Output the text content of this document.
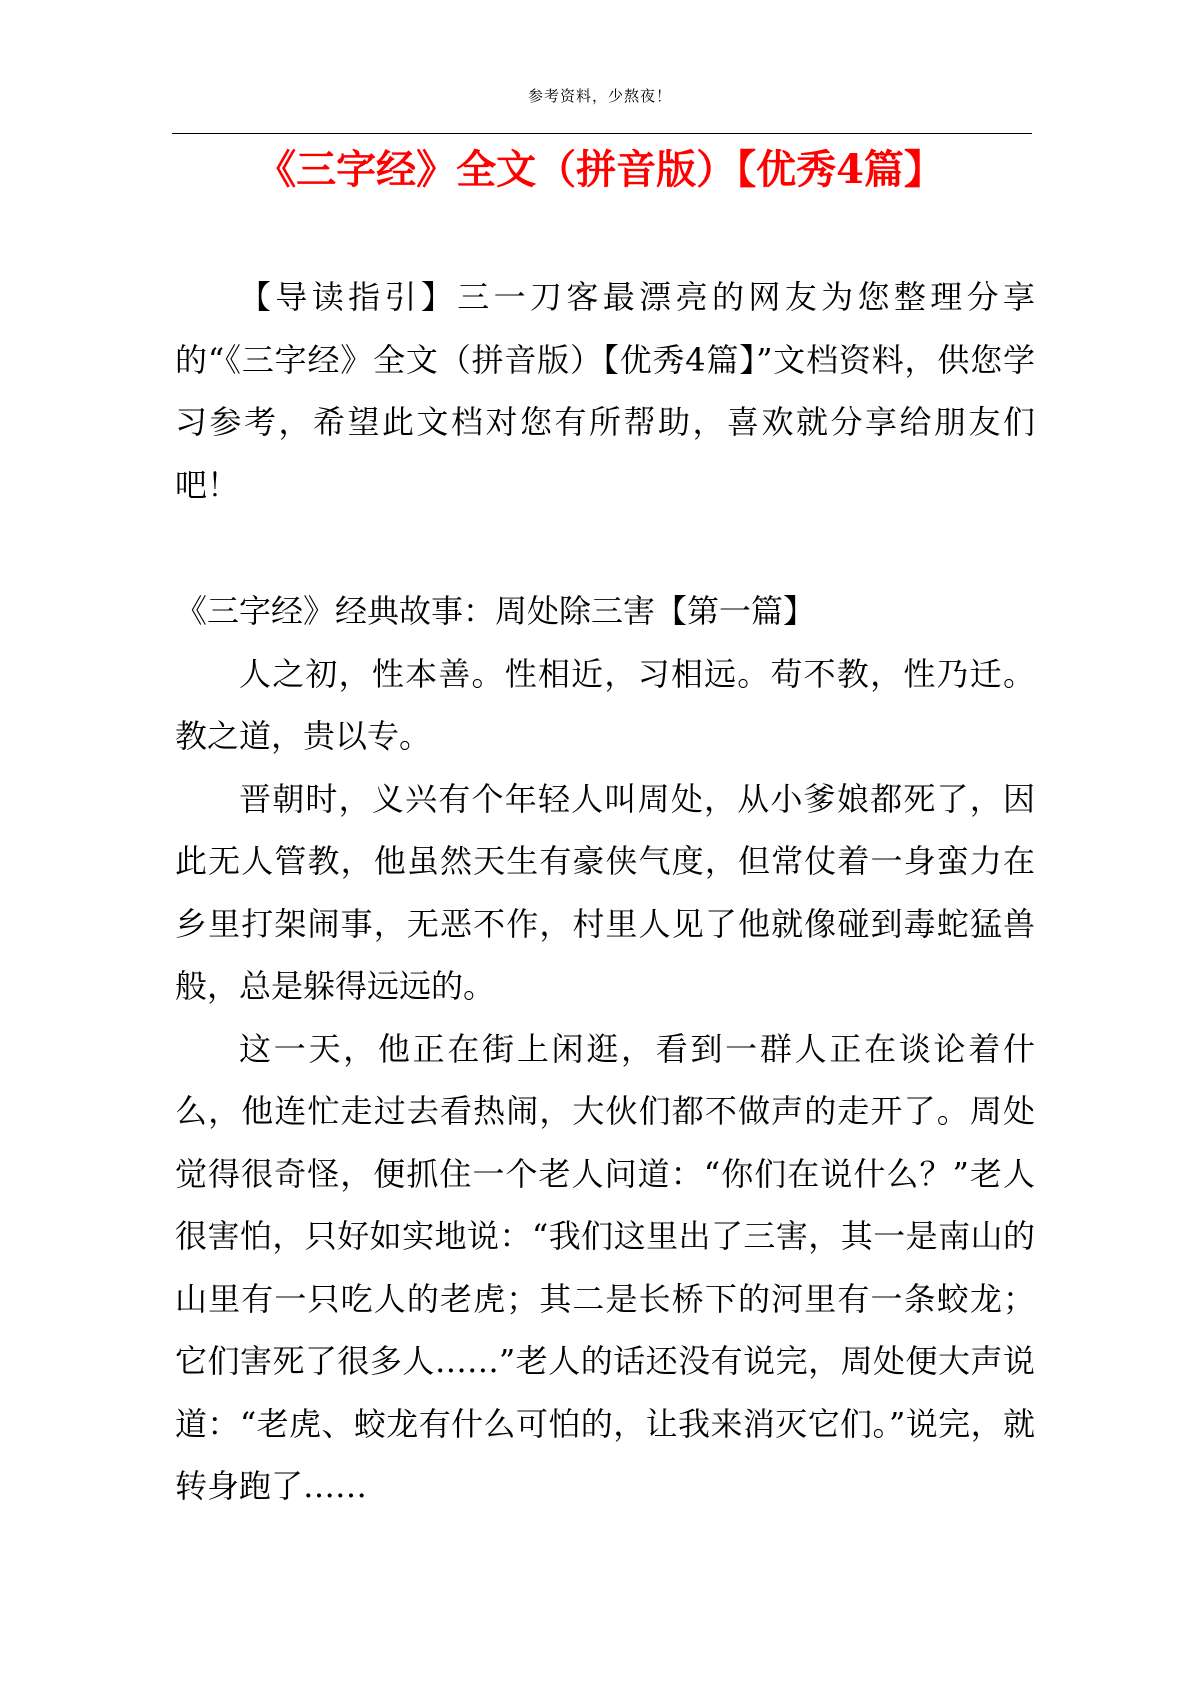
参考资料，少熬夜！
《三字经》全文（拼音版）【优秀4篇】

【导读指引】三一刀客最漂亮的网友为您整理分享的“《三字经》全文（拼音版）【优秀4篇】”文档资料，供您学习参考，希望此文档对您有所帮助，喜欢就分享给朋友们吧！

《三字经》经典故事：周处除三害【第一篇】

人之初，性本善。性相近，习相远。苟不教，性乃迁。教之道，贵以专。

晋朝时，义兴有个年轻人叫周处，从小爹娘都死了，因此无人管教，他虽然天生有豪侠气度，但常仗着一身蛮力在乡里打架闹事，无恶不作，村里人见了他就像碰到毒蛇猛兽般，总是躲得远远的。

这一天，他正在街上闲逛，看到一群人正在谈论着什么，他连忙走过去看热闹，大伙们都不做声的走开了。周处觉得很奇怪，便抓住一个老人问道：“你们在说什么？”老人很害怕，只好如实地说：“我们这里出了三害，其一是南山的山里有一只吃人的老虎；其二是长桥下的河里有一条蛟龙；它们害死了很多人……”老人的话还没有说完，周处便大声说道：“老虎、蛟龙有什么可怕的，让我来消灭它们。”说完，就转身跑了……
